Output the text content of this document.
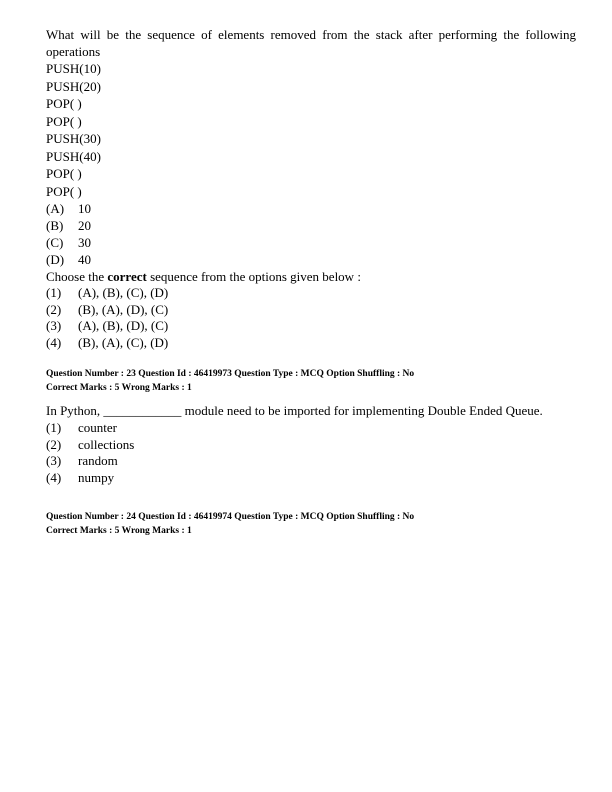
What will be the sequence of elements removed from the stack after performing the following operations
PUSH(10)
PUSH(20)
POP( )
POP( )
PUSH(30)
PUSH(40)
POP( )
POP( )
(A)	10
(B)	20
(C)	30
(D)	40
Choose the correct sequence from the options given below :
(1)	(A), (B), (C), (D)
(2)	(B), (A), (D), (C)
(3)	(A), (B), (D), (C)
(4)	(B), (A), (C), (D)
Question Number : 23 Question Id : 46419973 Question Type : MCQ Option Shuffling : No
Correct Marks : 5 Wrong Marks : 1
In Python, ____________ module need to be imported for implementing Double Ended Queue.
(1)	counter
(2)	collections
(3)	random
(4)	numpy
Question Number : 24 Question Id : 46419974 Question Type : MCQ Option Shuffling : No
Correct Marks : 5 Wrong Marks : 1
